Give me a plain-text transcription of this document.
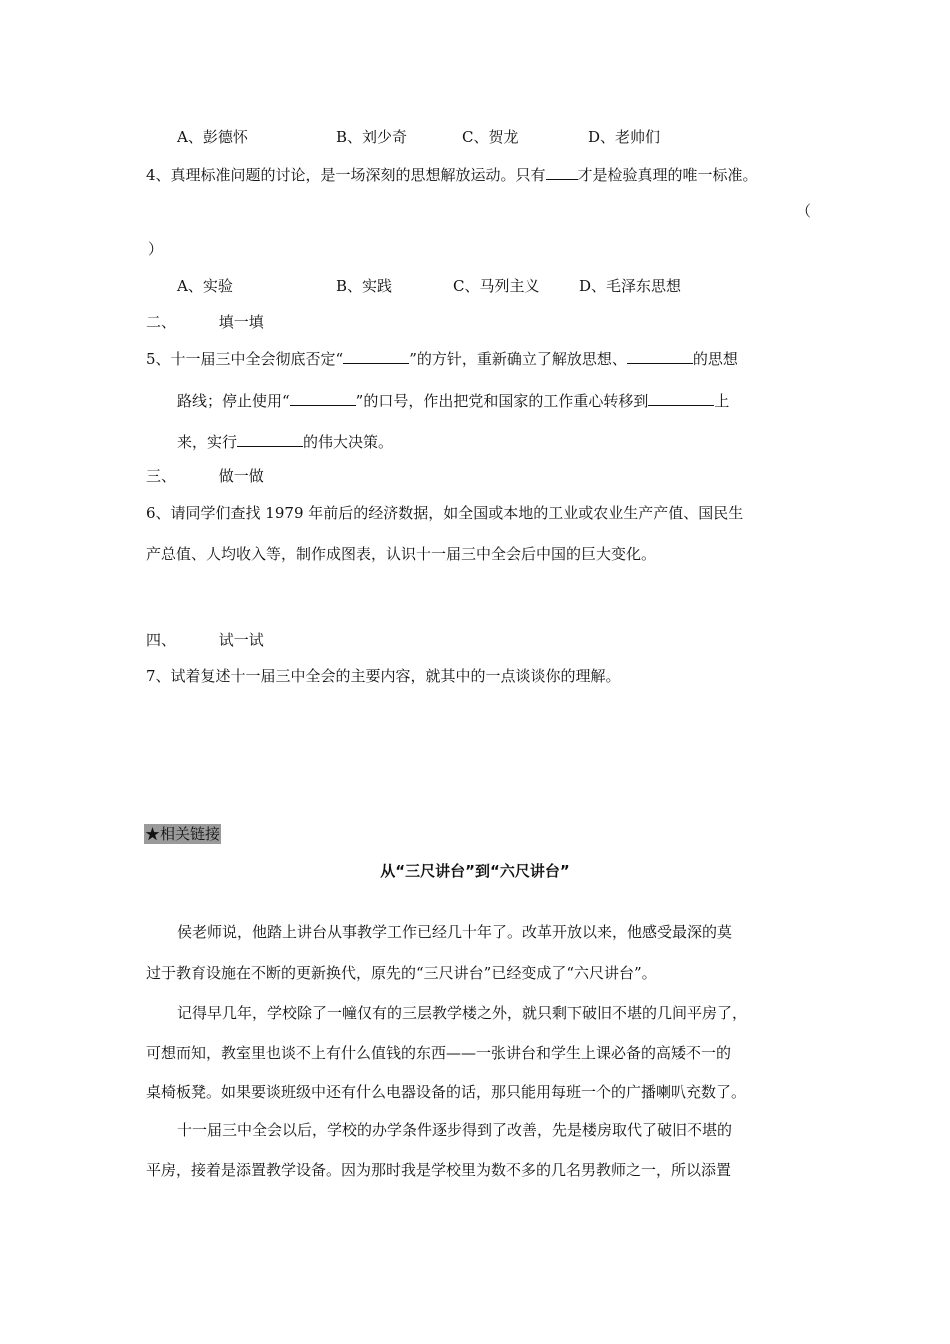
A、彭德怀	B、刘少奇	C、贺龙	D、老帅们
4、真理标准问题的讨论，是一场深刻的思想解放运动。只有 才是检验真理的唯一标准。
（
）
A、实验	B、实践	C、马列主义	D、毛泽东思想
二、	填一填
5、十一届三中全会彻底否定“	”的方针，重新确立了解放思想、	的思想
路线；停止使用“	”的口号，作出把党和国家的工作重心转移到	上
来，实行	的伟大决策。
三、	做一做
6、请同学们查找 1979 年前后的经济数据，如全国或本地的工业或农业生产产值、国民生
产总值、人均收入等，制作成图表，认识十一届三中全会后中国的巨大变化。
四、	试一试
7、试着复述十一届三中全会的主要内容，就其中的一点谈谈你的理解。
★相关链接
从“三尺讲台”到“六尺讲台”
侯老师说，他踏上讲台从事教学工作已经几十年了。改革开放以来，他感受最深的莫
过于教育设施在不断的更新换代，原先的“三尺讲台”已经变成了“六尺讲台”。
记得早几年，学校除了一幢仅有的三层教学楼之外，就只剩下破旧不堪的几间平房了，
可想而知，教室里也谈不上有什么值钱的东西——一张讲台和学生上课必备的高矮不一的
桌椅板凳。如果要谈班级中还有什么电器设备的话，那只能用每班一个的广播喇叭充数了。
十一届三中全会以后，学校的办学条件逐步得到了改善，先是楼房取代了破旧不堪的
平房，接着是添置教学设备。因为那时我是学校里为数不多的几名男教师之一，所以添置
